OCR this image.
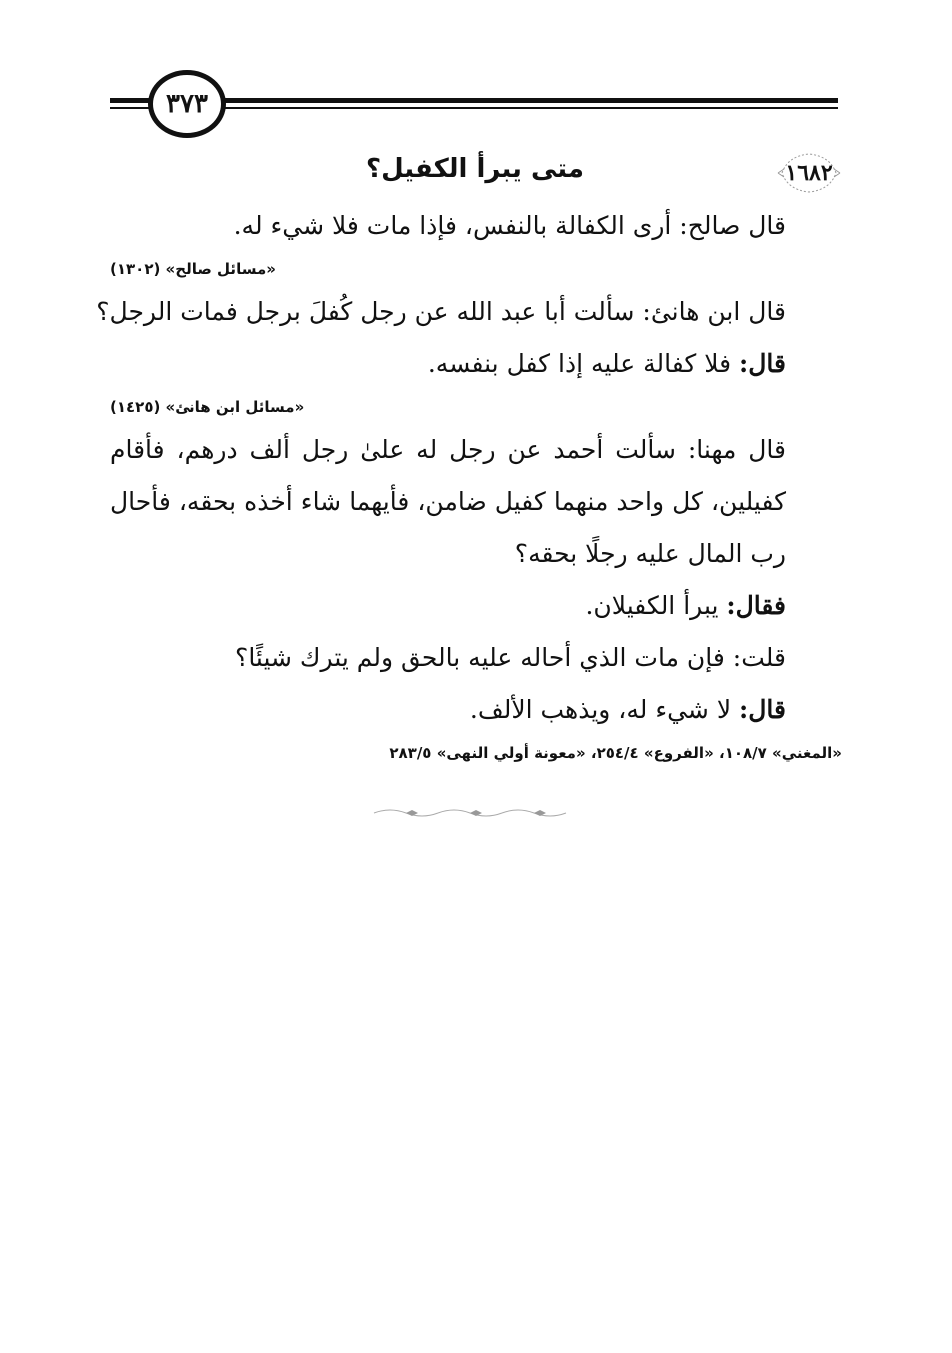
٣٧٣
١٦٨٢
متى يبرأ الكفيل؟

قال صالح: أرى الكفالة بالنفس، فإذا مات فلا شيء له.

«مسائل صالح» (١٣٠٢)

قال ابن هانئ: سألت أبا عبد الله عن رجل كُفلَ برجل فمات الرجل؟

قال: فلا كفالة عليه إذا كفل بنفسه.

«مسائل ابن هانئ» (١٤٢٥)

قال مهنا: سألت أحمد عن رجل له علىٰ رجل ألف درهم، فأقام كفيلين، كل واحد منهما كفيل ضامن، فأيهما شاء أخذه بحقه، فأحال رب المال عليه رجلًا بحقه؟

فقال: يبرأ الكفيلان.

قلت: فإن مات الذي أحاله عليه بالحق ولم يترك شيئًا؟

قال: لا شيء له، ويذهب الألف.

«المغني» ١٠٨/٧، «الفروع» ٢٥٤/٤، «معونة أولي النهى» ٢٨٣/٥
